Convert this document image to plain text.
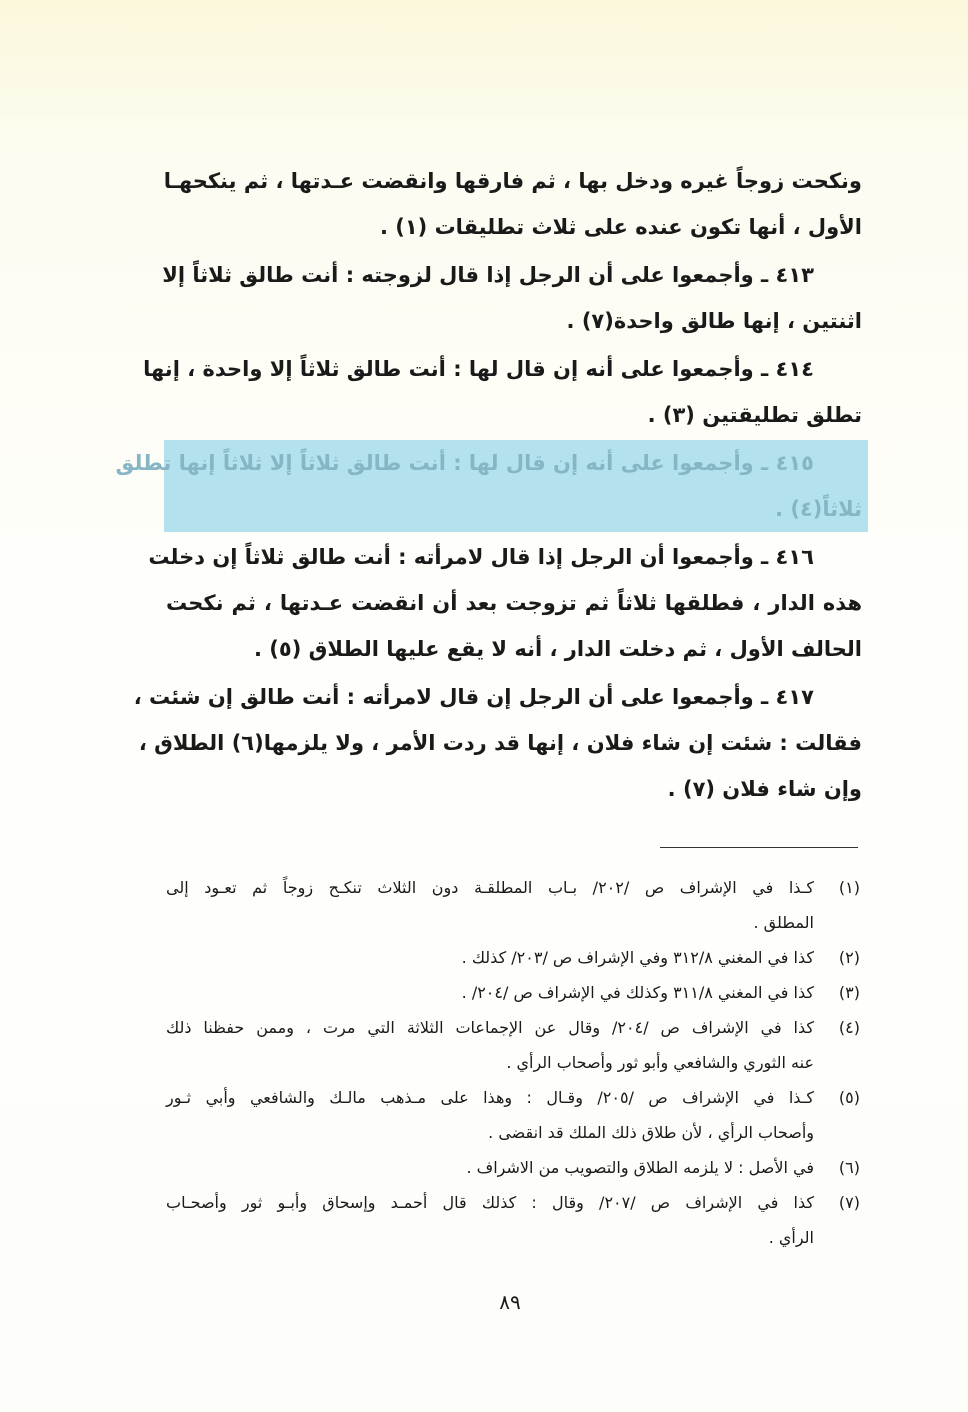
ونكحت زوجاً غيره ودخل بها ، ثم فارقها وانقضت عـدتها ، ثم ينكحهـا
الأول ، أنها تكون عنده على ثلاث تطليقات (١) .
٤١٣ ـ وأجمعوا على أن الرجل إذا قال لزوجته : أنت طالق ثلاثاً إلا
اثنتين ، إنها طالق واحدة(٧) .
٤١٤ ـ وأجمعوا على أنه إن قال لها : أنت طالق ثلاثاً إلا واحدة ، إنها
تطلق تطليقتين (٣) .
٤١٥ ـ وأجمعوا على أنه إن قال لها : أنت طالق ثلاثاً إلا ثلاثاً إنها تطلق
ثلاثاً(٤) .
٤١٦ ـ وأجمعوا أن الرجل إذا قال لامرأته : أنت طالق ثلاثاً إن دخلت
هذه الدار ، فطلقها ثلاثاً ثم تزوجت بعد أن انقضت عـدتها ، ثم نكحت
الحالف الأول ، ثم دخلت الدار ، أنه لا يقع عليها الطلاق (٥) .
٤١٧ ـ وأجمعوا على أن الرجل إن قال لامرأته : أنت طالق إن شئت ،
فقالت : شئت إن شاء فلان ، إنها قد ردت الأمر ، ولا يلزمها(٦) الطلاق ،
وإن شاء فلان (٧) .
(١)
كـذا في الإشراف ص /٢٠٢/ بـاب المطلقـة دون الثلاث تنكـح زوجاً ثم تعـود إلى
المطلق .
(٢)
كذا في المغني ٣١٢/٨ وفي الإشراف ص /٢٠٣/ كذلك .
(٣)
كذا في المغني ٣١١/٨ وكذلك في الإشراف ص /٢٠٤/ .
(٤)
كذا في الإشراف ص /٢٠٤/ وقال عن الإجماعات الثلاثة التي مرت ، وممن حفظنا ذلك
عنه الثوري والشافعي وأبو ثور وأصحاب الرأي .
(٥)
كـذا في الإشراف ص /٢٠٥/ وقـال : وهذا على مـذهب مالـك والشافعي وأبي ثـور
وأصحاب الرأي ، لأن طلاق ذلك الملك قد انقضى .
(٦)
في الأصل : لا يلزمه الطلاق والتصويب من الاشراف .
(٧)
كذا في الإشراف ص /٢٠٧/ وقال : كذلك قال أحمـد وإسحاق وأبـو ثور وأصحـاب
الرأي .
٨٩
